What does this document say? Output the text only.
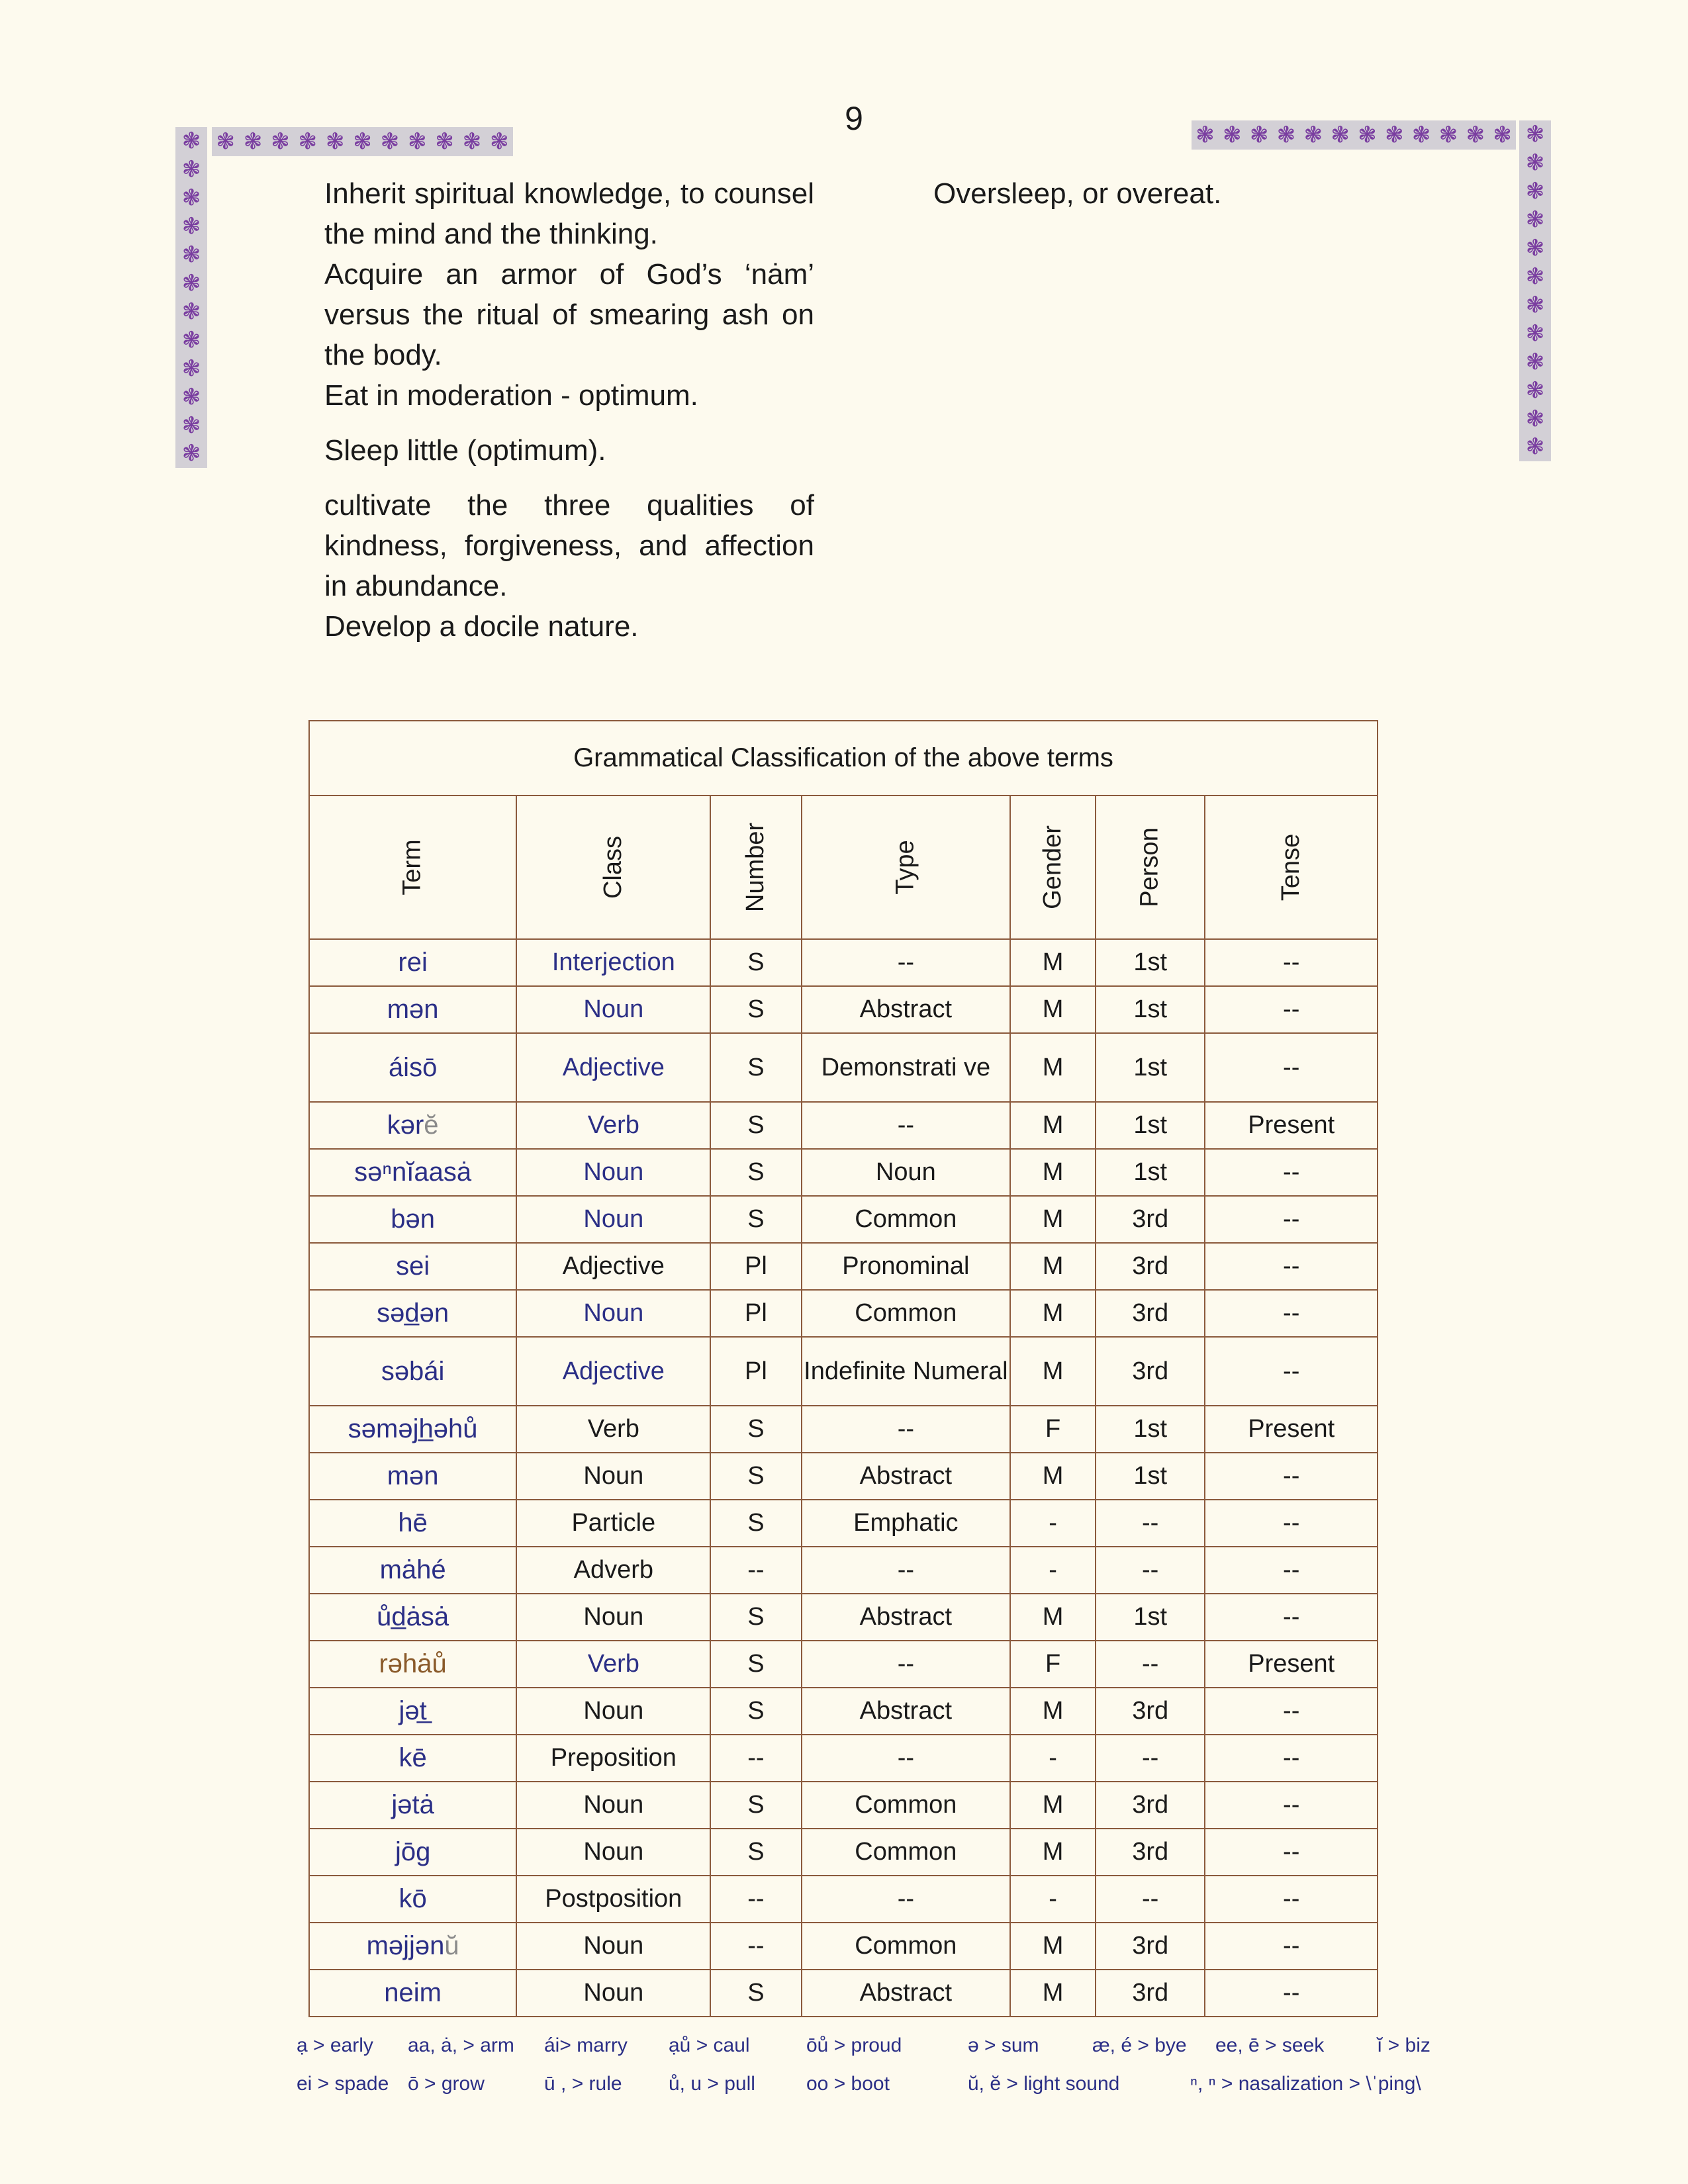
9
❃ ❃ ❃ ❃ ❃ ❃ ❃ ❃ ❃ ❃ ❃
❃
❃
❃
❃
❃
❃
❃
❃
❃
❃
❃
❃
❃ ❃ ❃ ❃ ❃ ❃ ❃ ❃ ❃ ❃ ❃ ❃ ❃
❃
❃
❃
❃
❃
❃
❃
❃
❃
❃
❃

Inherit spiritual knowledge, to counsel the mind and the thinking.

Acquire an armor of God’s ‘nȧm’ versus the ritual of smearing ash on the body.

Eat in moderation - optimum.

Sleep little (optimum).

cultivate the three qualities of kindness, forgiveness, and affection in abundance.

Develop a docile nature.

Oversleep, or overeat.

Grammatical Classification of the above terms						
Term	Class	Number	Type	Gender	Person	Tense
rei	Interjection	S	--	M	1st	--
mən	Noun	S	Abstract	M	1st	--
áisō	Adjective	S	Demonstrati ve	M	1st	--
kərĕ	Verb	S	--	M	1st	Present
səⁿnĭaasȧ	Noun	S	Noun	M	1st	--
bən	Noun	S	Common	M	3rd	--
sei	Adjective	Pl	Pronominal	M	3rd	--
səd̲ən	Noun	Pl	Common	M	3rd	--
səbái	Adjective	Pl	Indefinite Numeral	M	3rd	--
səməjh̲əhů	Verb	S	--	F	1st	Present
mən	Noun	S	Abstract	M	1st	--
hē	Particle	S	Emphatic	-	--	--
mȧhé	Adverb	--	--	-	--	--
ůd̲ȧsȧ	Noun	S	Abstract	M	1st	--
rəhȧů	Verb	S	--	F	--	Present
jət̲	Noun	S	Abstract	M	3rd	--
kē	Preposition	--	--	-	--	--
jətȧ	Noun	S	Common	M	3rd	--
jōg	Noun	S	Common	M	3rd	--
kō	Postposition	--	--	-	--	--
məjjənŭ	Noun	--	Common	M	3rd	--
neim	Noun	S	Abstract	M	3rd	--
ạ > early aa, ȧ, > arm ái> marry ạů > caul	ōů > proud	ə > sum	æ, é > bye ee, ē > seek	ĭ > biz
ei > spade ō > grow	ū , > rule ů, u > pull	oo > boot	ŭ, ĕ > light sound	ⁿ, ⁿ > nasalization > \ˈping\
